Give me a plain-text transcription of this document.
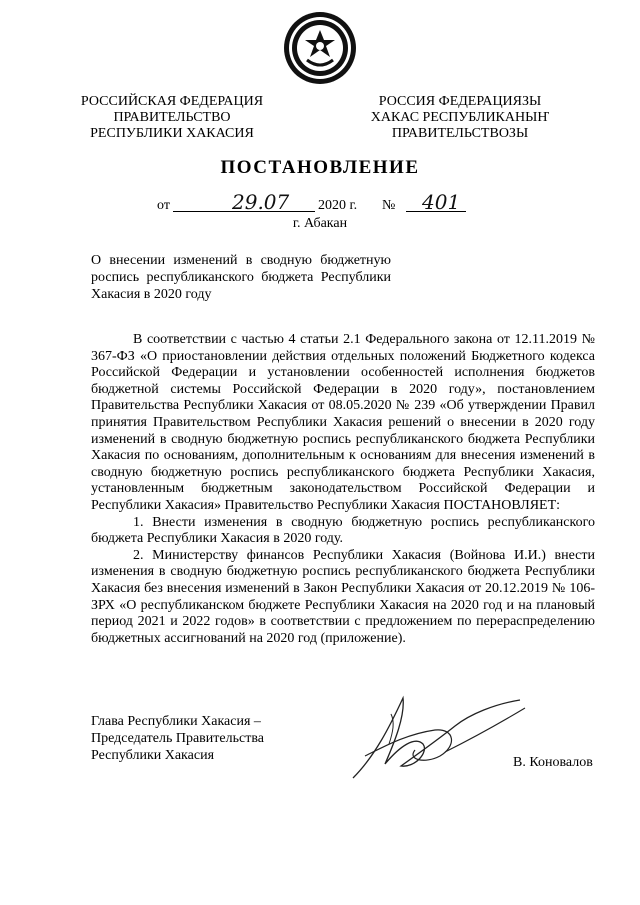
РОССИЙСКАЯ ФЕДЕРАЦИЯ
ПРАВИТЕЛЬСТВО
РЕСПУБЛИКИ ХАКАСИЯ
РОССИЯ ФЕДЕРАЦИЯЗЫ
ХАКАС РЕСПУБЛИКАНЫҤ
ПРАВИТЕЛЬСТВОЗЫ
ПОСТАНОВЛЕНИЕ
от	29.07 2020 г. № 401
г. Абакан
О внесении изменений в сводную бюджетную роспись республиканского бюджета Республики Хакасия в 2020 году

В соответствии с частью 4 статьи 2.1 Федерального закона от 12.11.2019 № 367-ФЗ «О приостановлении действия отдельных положений Бюджетного кодекса Российской Федерации и установлении особенностей исполнения бюджетов бюджетной системы Российской Федерации в 2020 году», постановлением Правительства Республики Хакасия от 08.05.2020 № 239 «Об утверждении Правил принятия Правительством Республики Хакасия решений о внесении в 2020 году изменений в сводную бюджетную роспись республиканского бюджета Республики Хакасия по основаниям, дополнительным к основаниям для внесения изменений в сводную бюджетную роспись республиканского бюджета Республики Хакасия, установленным бюджетным законодательством Российской Федерации и Республики Хакасия» Правительство Республики Хакасия ПОСТАНОВЛЯЕТ:

1. Внести изменения в сводную бюджетную роспись республиканского бюджета Республики Хакасия в 2020 году.

2. Министерству финансов Республики Хакасия (Войнова И.И.) внести изменения в сводную бюджетную роспись республиканского бюджета Республики Хакасия без внесения изменений в Закон Республики Хакасия от 20.12.2019 № 106-ЗРХ «О республиканском бюджете Республики Хакасия на 2020 год и на плановый период 2021 и 2022 годов» в соответствии с предложением по перераспределению бюджетных ассигнований на 2020 год (приложение).

Глава Республики Хакасия –
Председатель Правительства
Республики Хакасия	В. Коновалов
